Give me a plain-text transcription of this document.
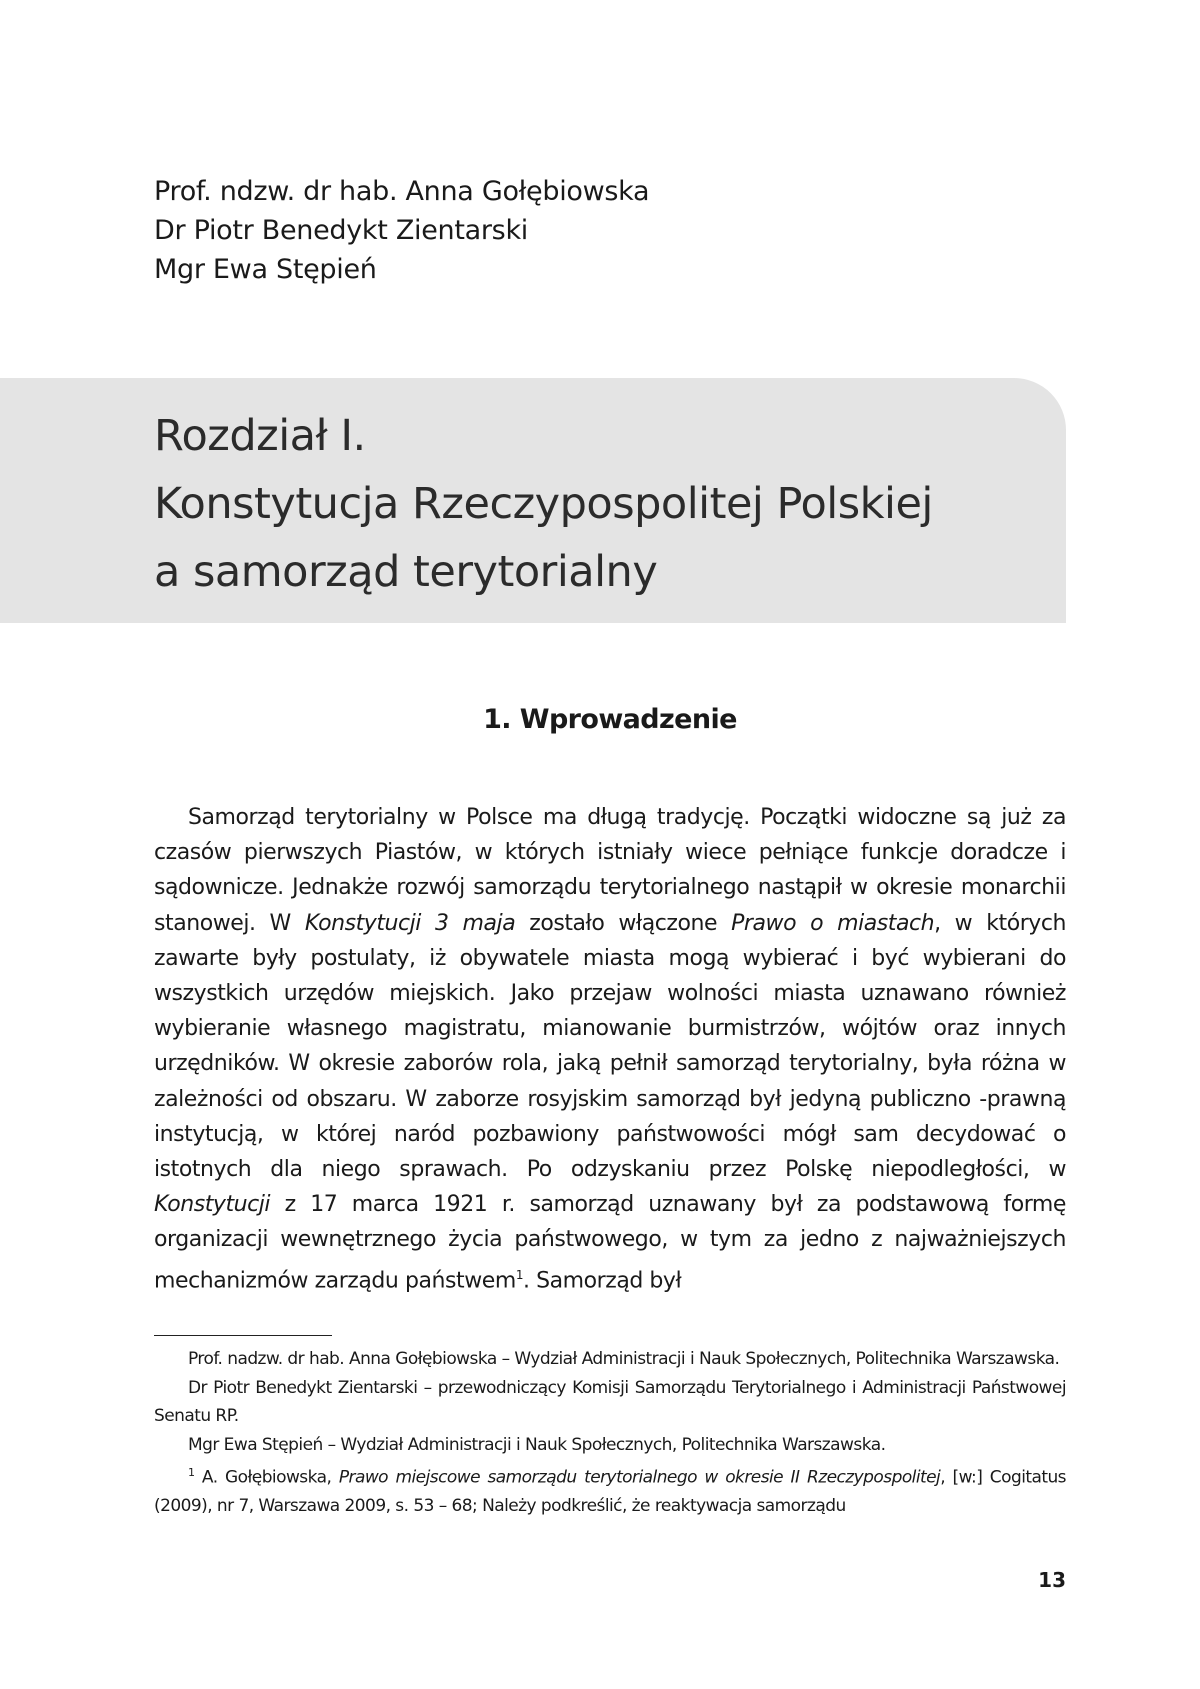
Prof. ndzw. dr hab. Anna Gołębiowska
Dr Piotr Benedykt Zientarski
Mgr Ewa Stępień
Rozdział I.
Konstytucja Rzeczypospolitej Polskiej
a samorząd terytorialny
1. Wprowadzenie

Samorząd terytorialny w Polsce ma długą tradycję. Początki widoczne są już za czasów pierwszych Piastów, w których istniały wiece pełniące funkcje doradcze i sądownicze. Jednakże rozwój samorządu terytorialnego nastąpił w okresie monarchii stanowej. W Konstytucji 3 maja zostało włączone Prawo o miastach, w których zawarte były postulaty, iż obywatele miasta mogą wybierać i być wybierani do wszystkich urzędów miejskich. Jako przejaw wolności miasta uznawano również wybieranie własnego magistratu, mianowanie burmistrzów, wójtów oraz innych urzędników. W okresie zaborów rola, jaką pełnił samorząd terytorialny, była różna w zależności od obszaru. W zaborze rosyjskim samorząd był jedyną publiczno -prawną instytucją, w której naród pozbawiony państwowości mógł sam decydować o istotnych dla niego sprawach. Po odzyskaniu przez Polskę niepodległości, w Konstytucji z 17 marca 1921 r. samorząd uznawany był za podstawową formę organizacji wewnętrznego życia państwowego, w tym za jedno z najważniejszych mechanizmów zarządu państwem$^1$. Samorząd był

Prof. nadzw. dr hab. Anna Gołębiowska – Wydział Administracji i Nauk Społecznych, Politechnika Warszawska.

Dr Piotr Benedykt Zientarski – przewodniczący Komisji Samorządu Terytorialnego i Administracji Państwowej Senatu RP.

Mgr Ewa Stępień – Wydział Administracji i Nauk Społecznych, Politechnika Warszawska.

$^1$ A. Gołębiowska, Prawo miejscowe samorządu terytorialnego w okresie II Rzeczypospolitej, [w:] Cogitatus (2009), nr 7, Warszawa 2009, s. 53 – 68; Należy podkreślić, że reaktywacja samorządu

13
